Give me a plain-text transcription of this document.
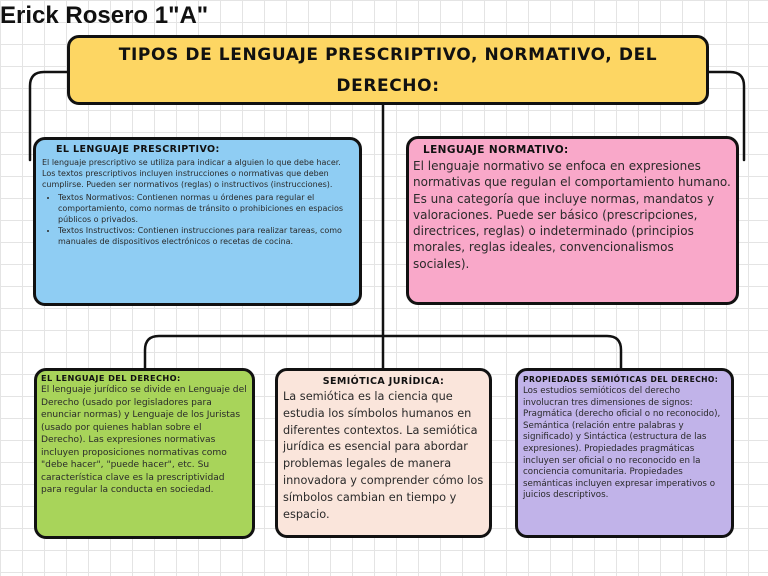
Erick Rosero 1"A"
TIPOS DE LENGUAJE PRESCRIPTIVO, NORMATIVO, DEL DERECHO:
EL LENGUAJE PRESCRIPTIVO:

El lenguaje prescriptivo se utiliza para indicar a alguien lo que debe hacer. Los textos prescriptivos incluyen instrucciones o normativas que deben cumplirse. Pueden ser normativos (reglas) o instructivos (instrucciones).

• Textos Normativos: Contienen normas u órdenes para regular el comportamiento, como normas de tránsito o prohibiciones en espacios públicos o privados.
• Textos Instructivos: Contienen instrucciones para realizar tareas, como manuales de dispositivos electrónicos o recetas de cocina.
LENGUAJE NORMATIVO:

El lenguaje normativo se enfoca en expresiones normativas que regulan el comportamiento humano. Es una categoría que incluye normas, mandatos y valoraciones. Puede ser básico (prescripciones, directrices, reglas) o indeterminado (principios morales, reglas ideales, convencionalismos sociales).

EL LENGUAJE DEL DERECHO:

El lenguaje jurídico se divide en Lenguaje del Derecho (usado por legisladores para enunciar normas) y Lenguaje de los Juristas (usado por quienes hablan sobre el Derecho). Las expresiones normativas incluyen proposiciones normativas como "debe hacer", "puede hacer", etc. Su característica clave es la prescriptividad para regular la conducta en sociedad.

SEMIÓTICA JURÍDICA:

La semiótica es la ciencia que estudia los símbolos humanos en diferentes contextos. La semiótica jurídica es esencial para abordar problemas legales de manera innovadora y comprender cómo los símbolos cambian en tiempo y espacio.

PROPIEDADES SEMIÓTICAS DEL DERECHO:

Los estudios semióticos del derecho involucran tres dimensiones de signos: Pragmática (derecho oficial o no reconocido), Semántica (relación entre palabras y significado) y Sintáctica (estructura de las expresiones). Propiedades pragmáticas incluyen ser oficial o no reconocido en la conciencia comunitaria. Propiedades semánticas incluyen expresar imperativos o juicios descriptivos.
